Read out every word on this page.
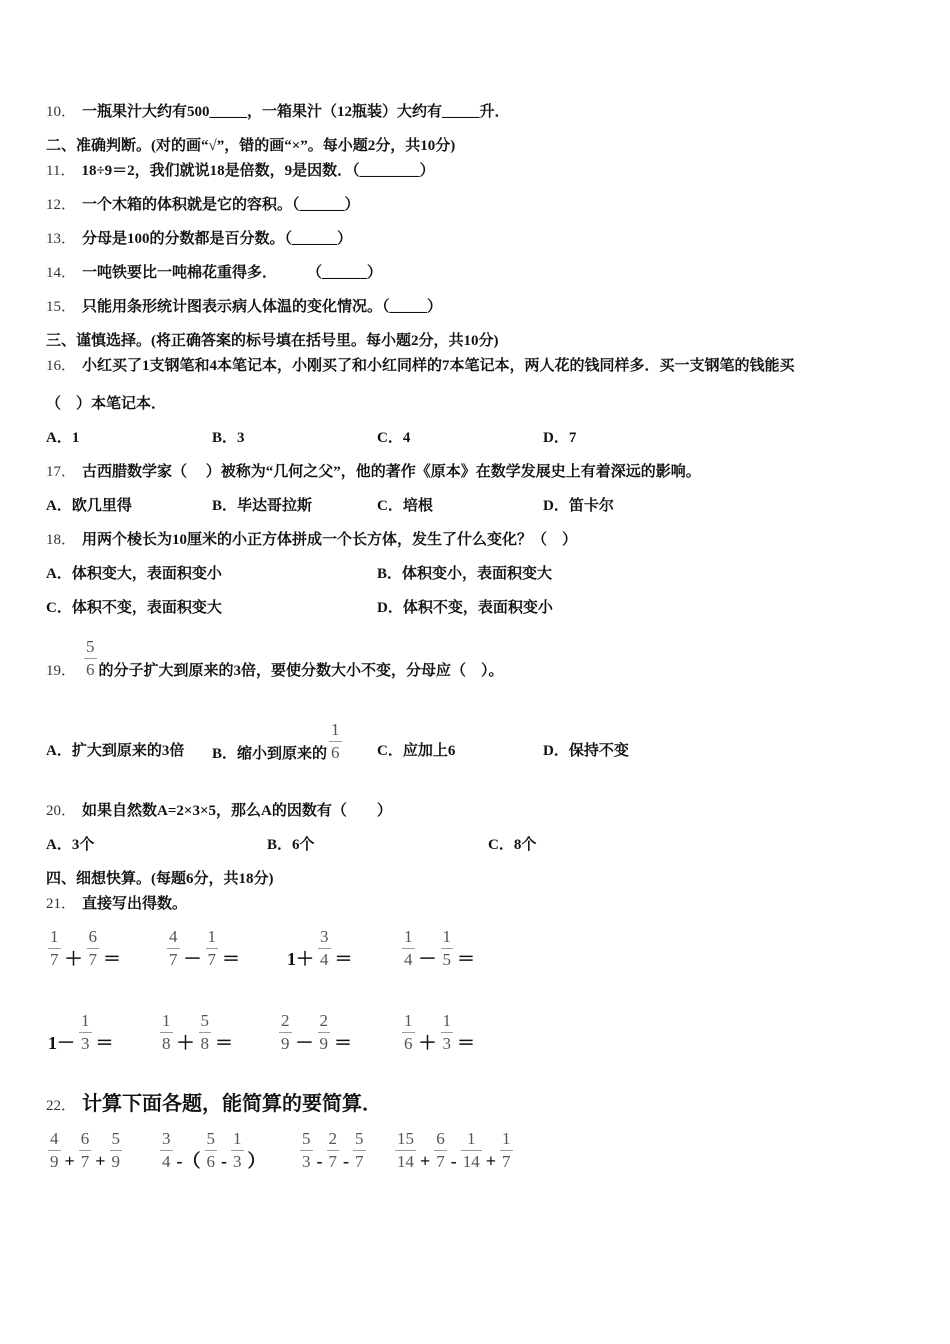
10． 一瓶果汁大约有500_____，一箱果汁（12瓶装）大约有_____升．
二、准确判断。(对的画“√”，错的画“×”。每小题2分，共10分)
11． 18÷9＝2，我们就说18是倍数，9是因数．（________）
12． 一个木箱的体积就是它的容积。（______）
13． 分母是100的分数都是百分数。（______）
14． 一吨铁要比一吨棉花重得多．        （______）
15． 只能用条形统计图表示病人体温的变化情况。（_____）
三、谨慎选择。(将正确答案的标号填在括号里。每小题2分，共10分)
16． 小红买了1支钢笔和4本笔记本，小刚买了和小红同样的7本笔记本，两人花的钱同样多．买一支钢笔的钱能买
（　）本笔记本．
A．1	B．3	C．4	D．7
17． 古西腊数学家（　 ）被称为“几何之父”，他的著作《原本》在数学发展史上有着深远的影响。
A．欧几里得	B．毕达哥拉斯	C．培根	D．笛卡尔
18． 用两个棱长为10厘米的小正方体拼成一个长方体，发生了什么变化？（　）
A．体积变大，表面积变小	B．体积变小，表面积变大
C．体积不变，表面积变大	D．体积不变，表面积变小
19． $\frac{5}{6}$ 的分子扩大到原来的3倍，要使分数大小不变，分母应（　）。
A．扩大到原来的3倍 B．缩小到原来的 $\frac{1}{6}$ C．应加上6	D．保持不变
20． 如果自然数A=2×3×5，那么A的因数有（　　）
A．3个	B．6个	C．8个
四、细想快算。(每题6分，共18分)
21． 直接写出得数。
$\frac{1}{7} + \frac{6}{7}$ ＝	$\frac{4}{7} - \frac{1}{7}$ ＝	$1+ \frac{3}{4}$ ＝	$\frac{1}{4} - \frac{1}{5}$ ＝
$1- \frac{1}{3}$ ＝	$\frac{1}{8} + \frac{5}{8}$ ＝	$\frac{2}{9} - \frac{2}{9}$ ＝	$\frac{1}{6} + \frac{1}{3}$ ＝
22． 计算下面各题，能简算的要简算．
$\frac{4}{9} + \frac{6}{7} + \frac{5}{9} \frac{3}{4}$ -（ $\frac{5}{6} - \frac{1}{3}$ ） $\frac{5}{3} - \frac{2}{7} - \frac{5}{7} \frac{15}{14} + \frac{6}{7} - \frac{1}{14} + \frac{1}{7}$
